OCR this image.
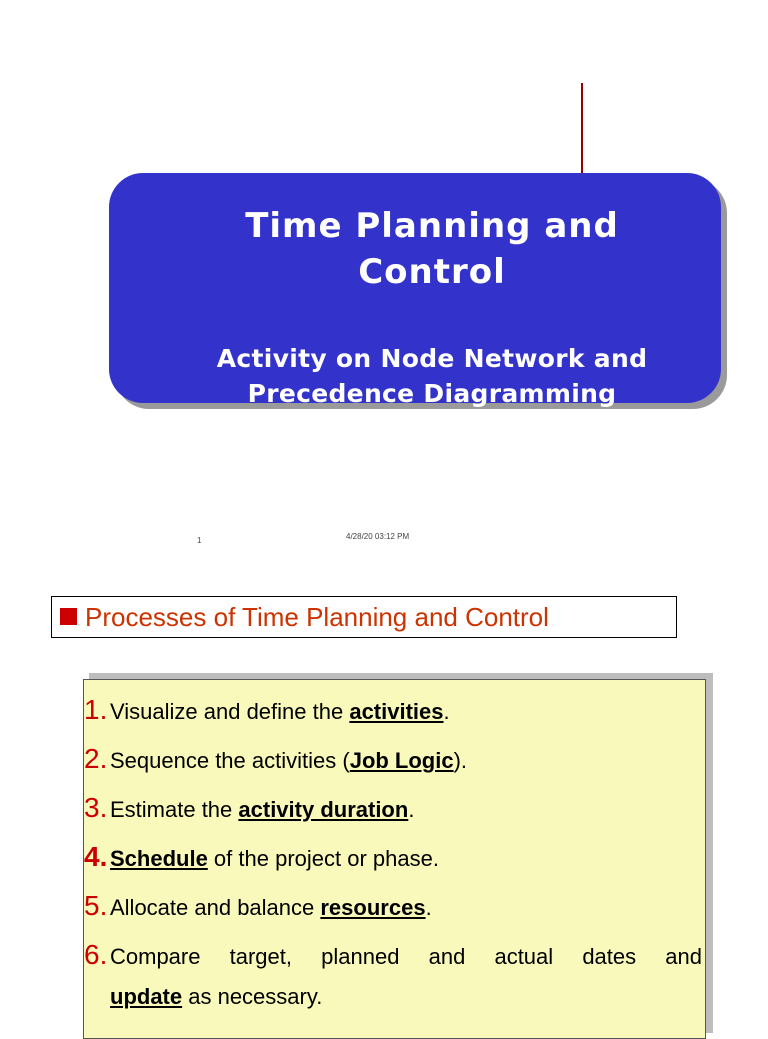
Time Planning and
Control
Activity on Node Network and
Precedence Diagramming
1	4/28/20 03:12 PM
Processes of Time Planning and Control
1. Visualize and define the activities .
2. Sequence the activities ( Job Logic ).
3. Estimate the activity duration .
4. Schedule of the project or phase.
5. Allocate and balance resources .
6. Compare target, planned and actual dates and
update as necessary.
